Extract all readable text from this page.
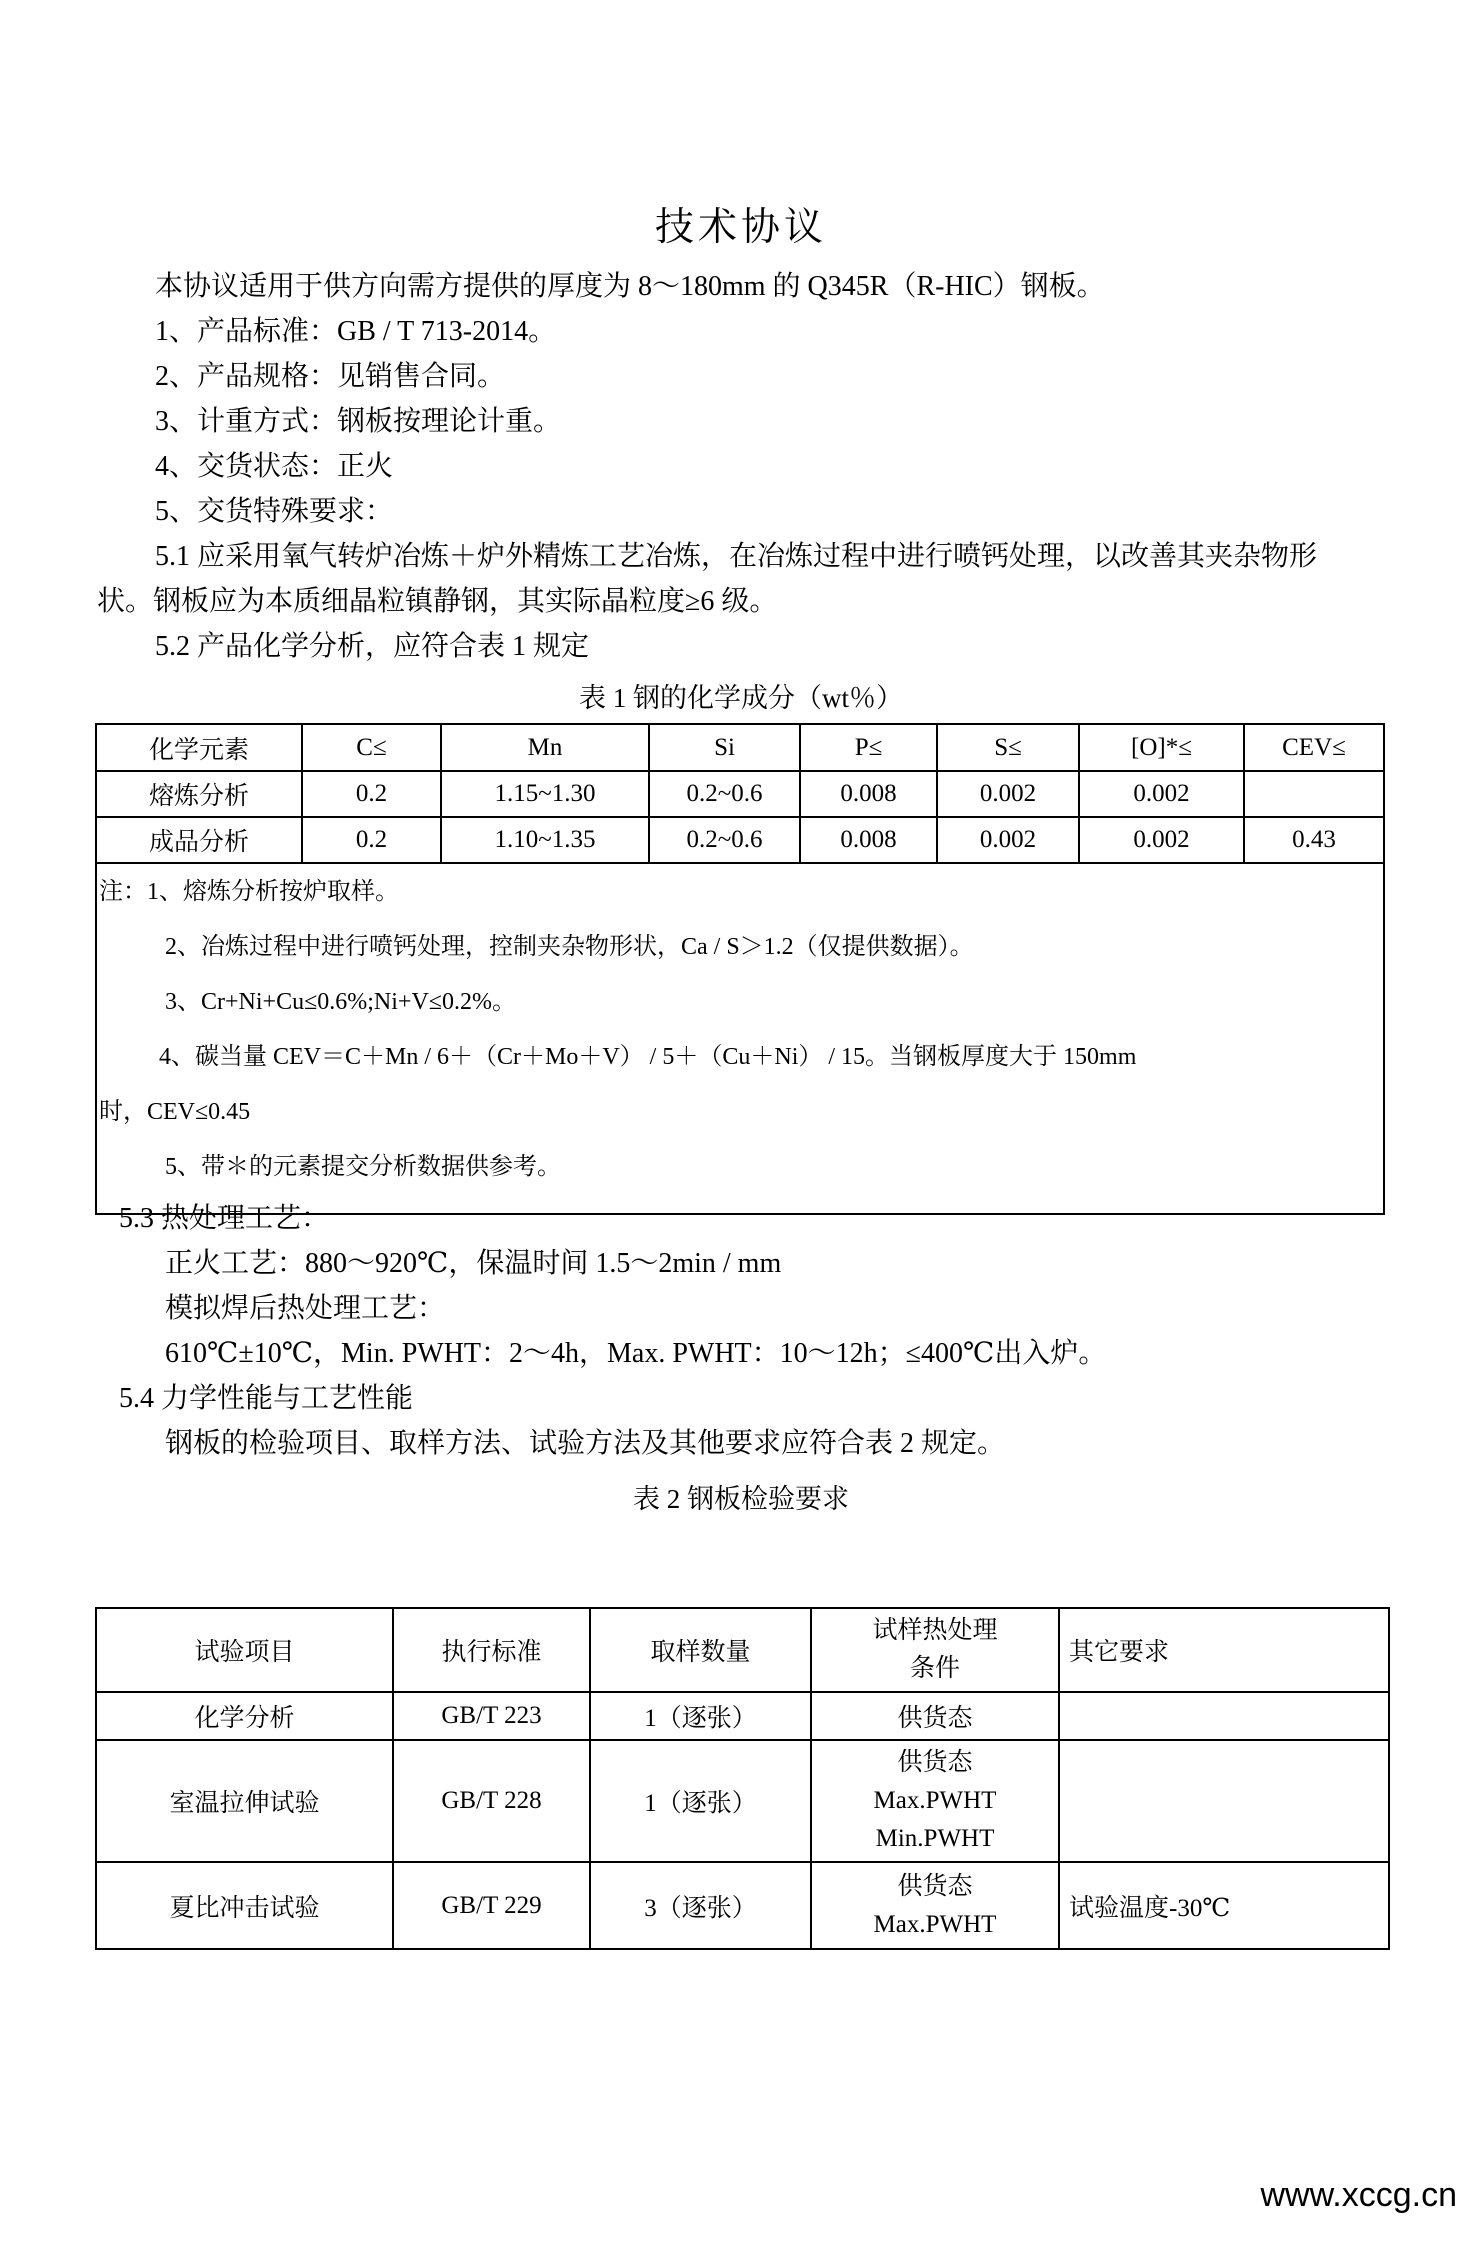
技术协议
本协议适用于供方向需方提供的厚度为 8～180mm 的 Q345R（R-HIC）钢板。
1、产品标准：GB / T 713-2014。
2、产品规格：见销售合同。
3、计重方式：钢板按理论计重。
4、交货状态：正火
5、交货特殊要求：
5.1 应采用氧气转炉冶炼＋炉外精炼工艺冶炼，在冶炼过程中进行喷钙处理，以改善其夹杂物形
状。钢板应为本质细晶粒镇静钢，其实际晶粒度≥6 级。
5.2 产品化学分析，应符合表 1 规定
表 1 钢的化学成分（wt％）
化学元素	C≤	Mn	Si	P≤	S≤	[O]*≤	CEV≤
熔炼分析	0.2	1.15~1.30	0.2~0.6	0.008	0.002	0.002	
成品分析	0.2	1.10~1.35	0.2~0.6	0.008	0.002	0.002	0.43

注：1、熔炼分析按炉取样。
2、冶炼过程中进行喷钙处理，控制夹杂物形状，Ca / S＞1.2（仅提供数据）。
3、Cr+Ni+Cu≤0.6%;Ni+V≤0.2%。
4、碳当量 CEV＝C＋Mn / 6＋（Cr＋Mo＋V） / 5＋（Cu＋Ni） / 15。当钢板厚度大于 150mm
时，CEV≤0.45
5、带＊的元素提交分析数据供参考。
5.3 热处理工艺：
正火工艺：880～920℃，保温时间 1.5～2min / mm
模拟焊后热处理工艺：
610℃±10℃，Min. PWHT：2～4h，Max. PWHT：10～12h；≤400℃出入炉。
5.4 力学性能与工艺性能
钢板的检验项目、取样方法、试验方法及其他要求应符合表 2 规定。
表 2 钢板检验要求
试验项目	执行标准	取样数量	试样热处理
条件	其它要求
化学分析	GB/T 223	1（逐张）	供货态	
室温拉伸试验	GB/T 228	1（逐张）	供货态
Max.PWHT
Min.PWHT	

夏比冲击试验	GB/T 229	3（逐张）	供货态
Max.PWHT	试验温度-30℃
www.xccg.cn
